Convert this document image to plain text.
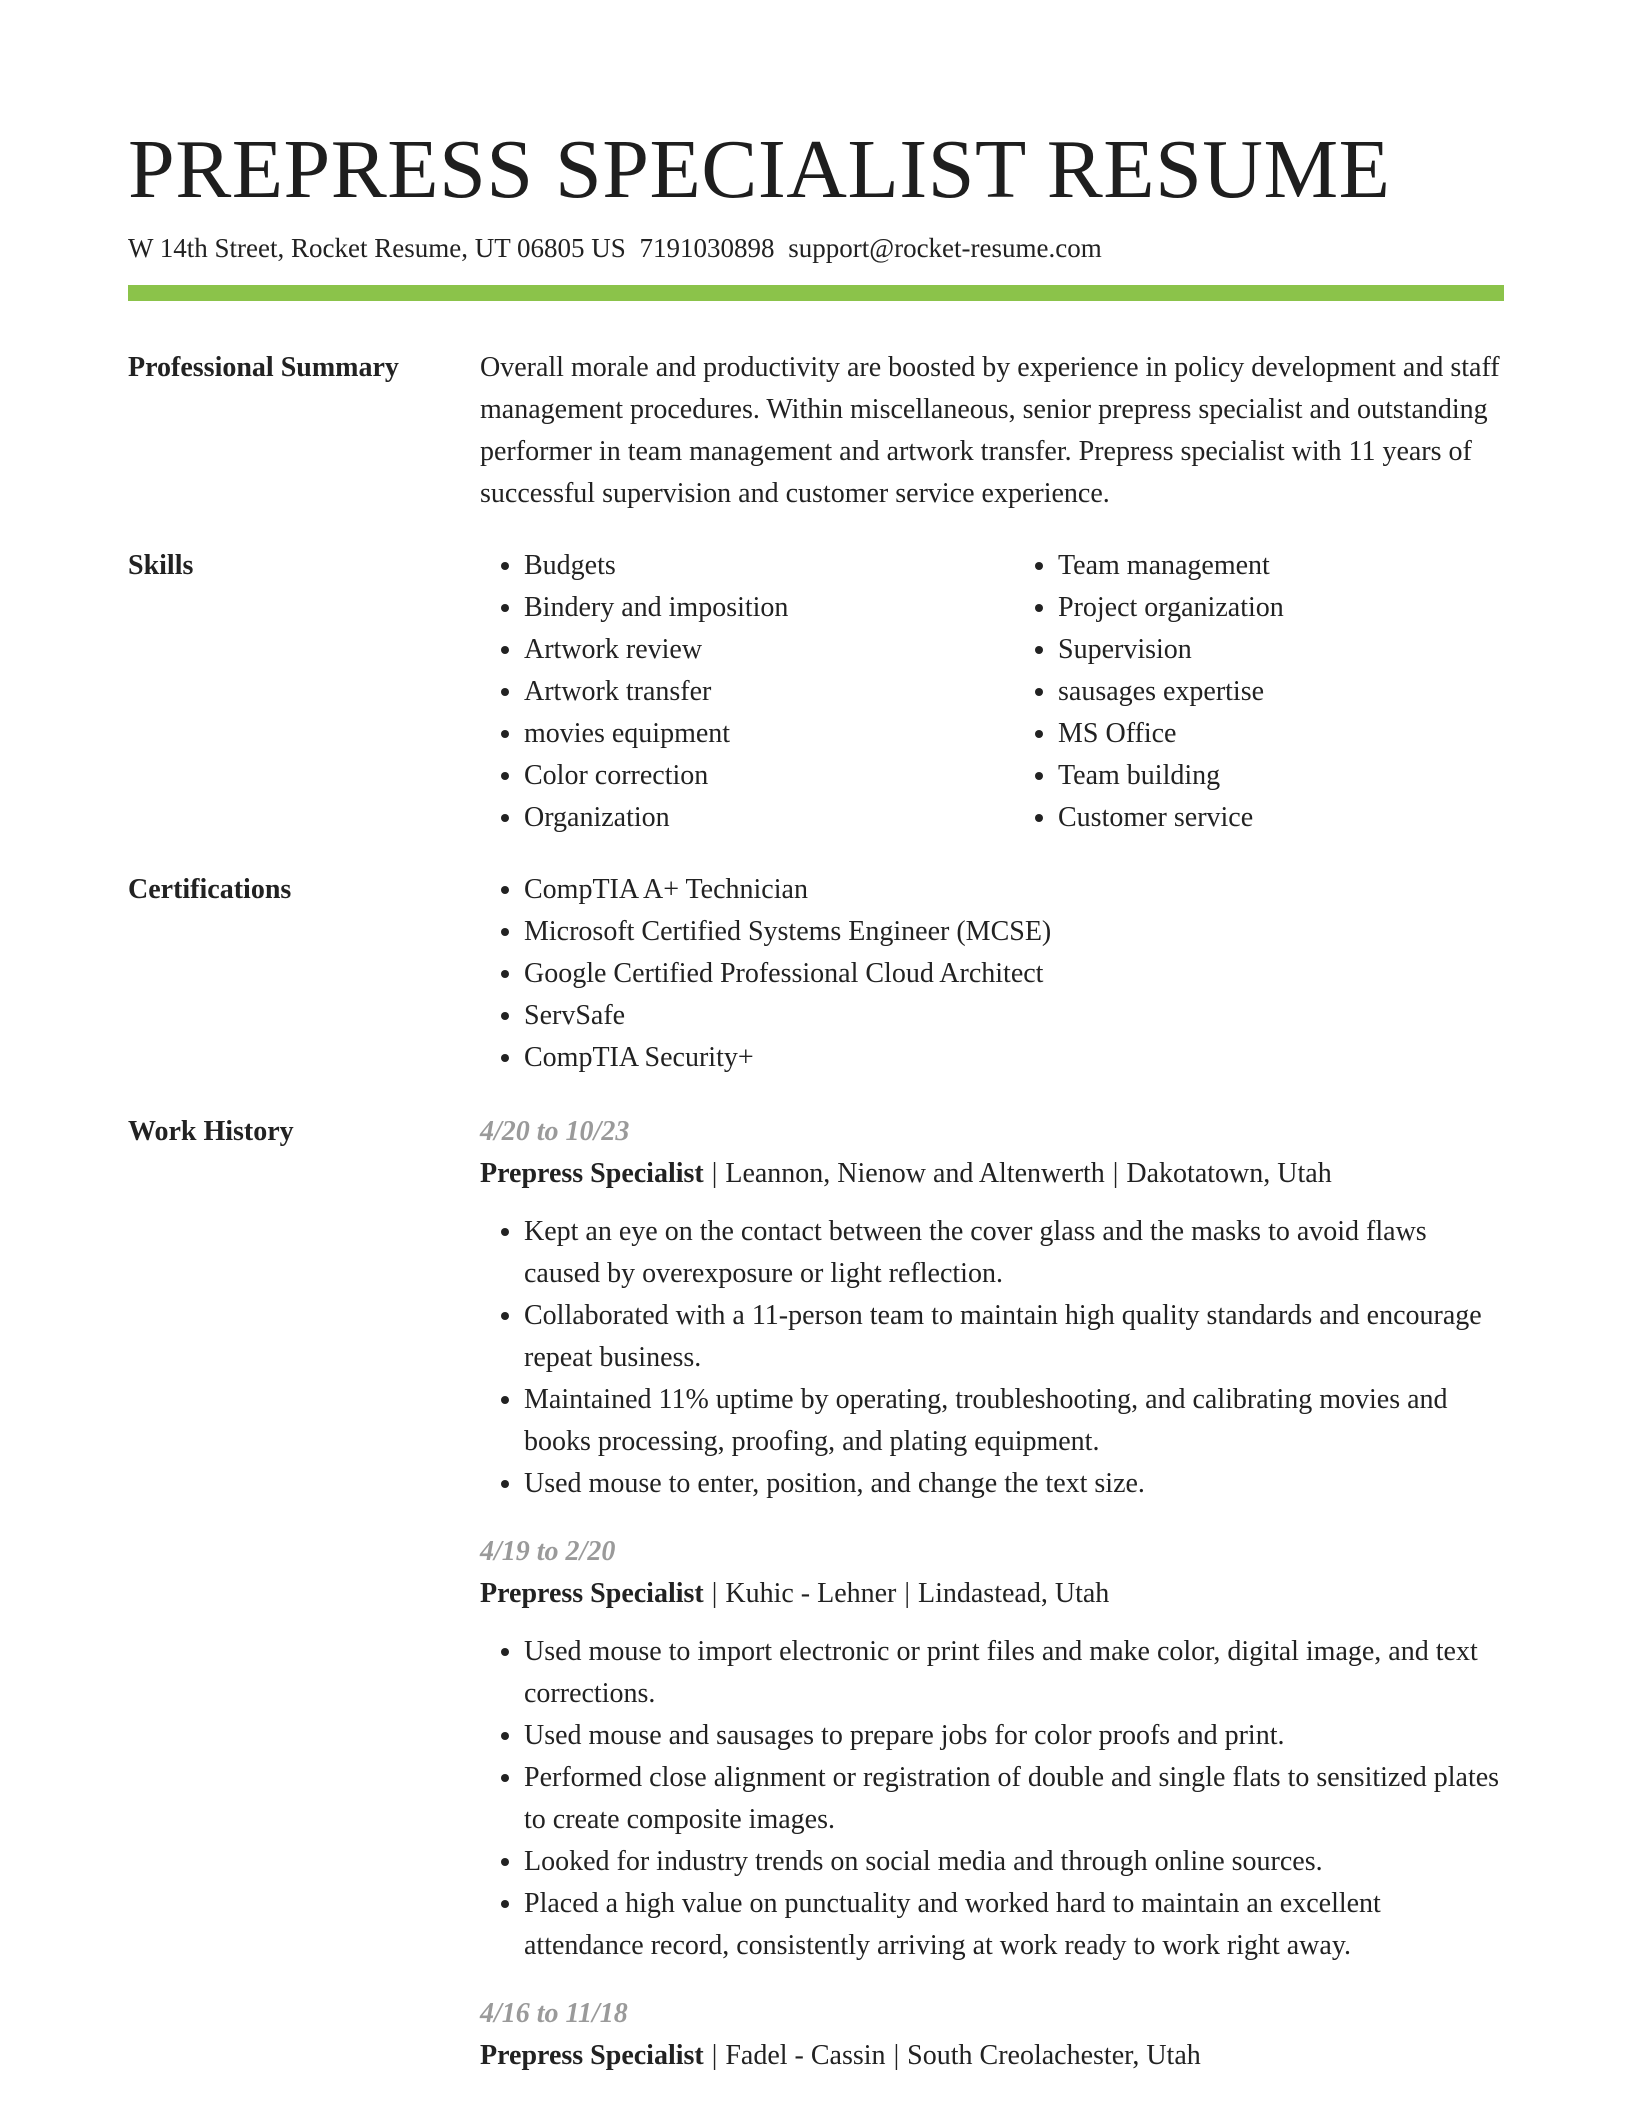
PREPRESS SPECIALIST RESUME
W 14th Street, Rocket Resume, UT 06805 US 7191030898 support@rocket-resume.com
Professional Summary	Overall morale and productivity are boosted by experience in policy development and staff management procedures. Within miscellaneous, senior prepress specialist and outstanding performer in team management and artwork transfer. Prepress specialist with 11 years of successful supervision and customer service experience.

Skills	• Budgets
• Bindery and imposition
• Artwork review
• Artwork transfer
• movies equipment
• Color correction
• Organization
• Team management
• Project organization
• Supervision
• sausages expertise
• MS Office
• Team building
• Customer service
Certifications	• CompTIA A+ Technician
• Microsoft Certified Systems Engineer (MCSE)
• Google Certified Professional Cloud Architect
• ServSafe
• CompTIA Security+
Work History	4/20 to 10/23
Prepress Specialist | Leannon, Nienow and Altenwerth | Dakotatown, Utah
• Kept an eye on the contact between the cover glass and the masks to avoid flaws caused by overexposure or light reflection.
• Collaborated with a 11-person team to maintain high quality standards and encourage repeat business.
• Maintained 11% uptime by operating, troubleshooting, and calibrating movies and books processing, proofing, and plating equipment.
• Used mouse to enter, position, and change the text size.
4/19 to 2/20
Prepress Specialist | Kuhic - Lehner | Lindastead, Utah
• Used mouse to import electronic or print files and make color, digital image, and text corrections.
• Used mouse and sausages to prepare jobs for color proofs and print.
• Performed close alignment or registration of double and single flats to sensitized plates to create composite images.
• Looked for industry trends on social media and through online sources.
• Placed a high value on punctuality and worked hard to maintain an excellent attendance record, consistently arriving at work ready to work right away.
4/16 to 11/18
Prepress Specialist | Fadel - Cassin | South Creolachester, Utah
